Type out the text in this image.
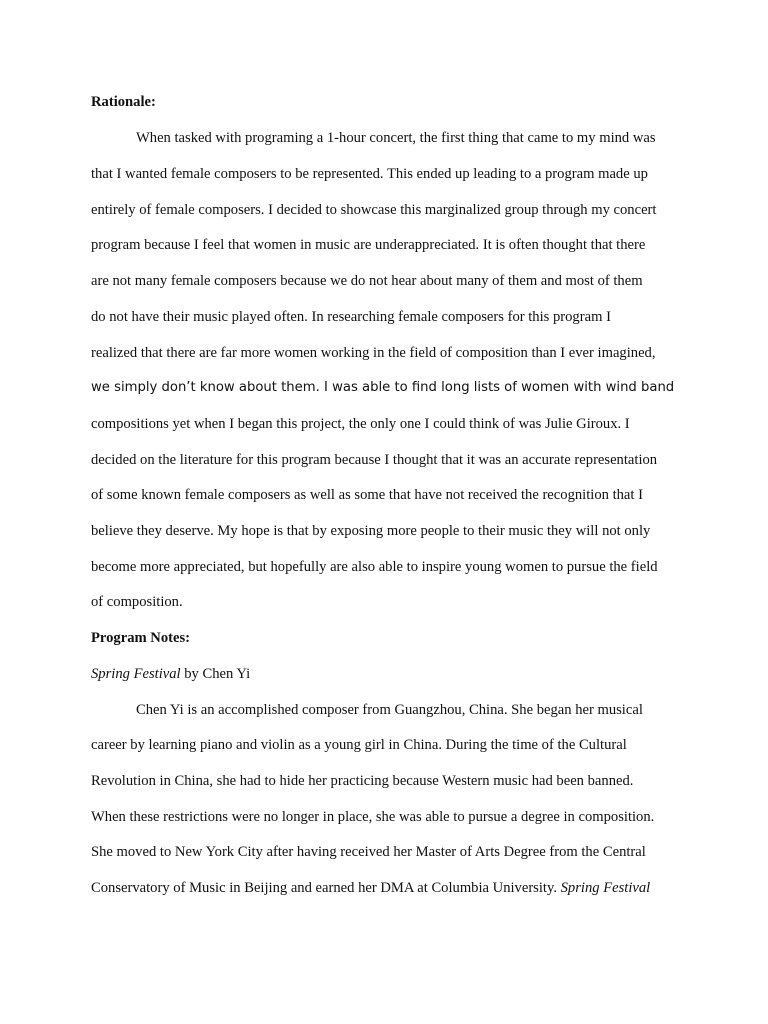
Rationale:
When tasked with programing a 1-hour concert, the first thing that came to my mind was
that I wanted female composers to be represented. This ended up leading to a program made up
entirely of female composers. I decided to showcase this marginalized group through my concert
program because I feel that women in music are underappreciated. It is often thought that there
are not many female composers because we do not hear about many of them and most of them
do not have their music played often. In researching female composers for this program I
realized that there are far more women working in the field of composition than I ever imagined,
we simply don’t know about them. I was able to find long lists of women with wind band
compositions yet when I began this project, the only one I could think of was Julie Giroux. I
decided on the literature for this program because I thought that it was an accurate representation
of some known female composers as well as some that have not received the recognition that I
believe they deserve. My hope is that by exposing more people to their music they will not only
become more appreciated, but hopefully are also able to inspire young women to pursue the field
of composition.
Program Notes:
Spring Festival by Chen Yi
Chen Yi is an accomplished composer from Guangzhou, China. She began her musical
career by learning piano and violin as a young girl in China. During the time of the Cultural
Revolution in China, she had to hide her practicing because Western music had been banned.
When these restrictions were no longer in place, she was able to pursue a degree in composition.
She moved to New York City after having received her Master of Arts Degree from the Central
Conservatory of Music in Beijing and earned her DMA at Columbia University. Spring Festival
